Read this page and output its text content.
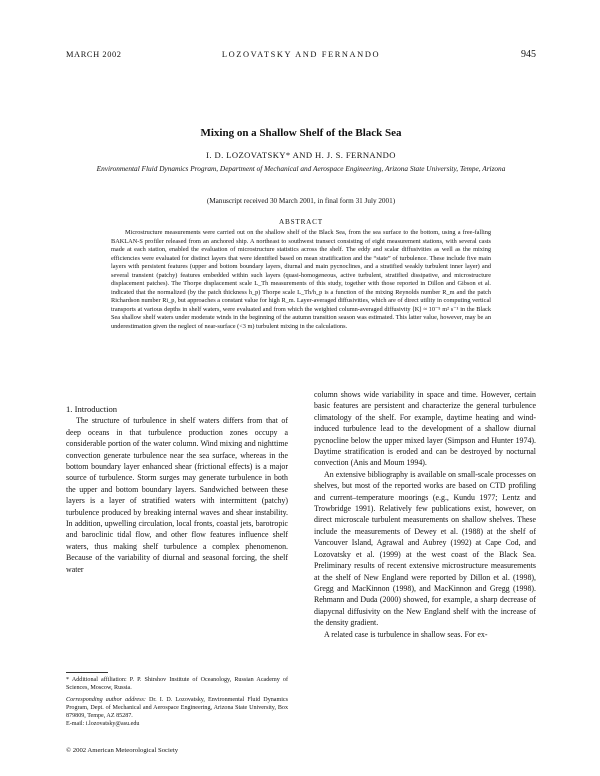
MARCH 2002	LOZOVATSKY AND FERNANDO	945
Mixing on a Shallow Shelf of the Black Sea
I. D. LOZOVATSKY* AND H. J. S. FERNANDO
Environmental Fluid Dynamics Program, Department of Mechanical and Aerospace Engineering, Arizona State University, Tempe, Arizona
(Manuscript received 30 March 2001, in final form 31 July 2001)
ABSTRACT

Microstructure measurements were carried out on the shallow shelf of the Black Sea, from the sea surface to the bottom, using a free-falling BAKLAN-S profiler released from an anchored ship. A northeast to southwest transect consisting of eight measurement stations, with several casts made at each station, enabled the evaluation of microstructure statistics across the shelf. The eddy and scalar diffusivities as well as the mixing efficiencies were evaluated for distinct layers that were identified based on mean stratification and the “state” of turbulence. These include five main layers with persistent features (upper and bottom boundary layers, diurnal and main pycnoclines, and a stratified weakly turbulent inner layer) and several transient (patchy) features embedded within such layers (quasi-homogeneous, active turbulent, stratified dissipative, and microstructure displacement patches). The Thorpe displacement scale L_Th measurements of this study, together with those reported in Dillon and Gibson et al. indicated that the normalized (by the patch thickness h_p) Thorpe scale L_Th/h_p is a function of the mixing Reynolds number R_m and the patch Richardson number Ri_p, but approaches a constant value for high R_m. Layer-averaged diffusivities, which are of direct utility in computing vertical transports at various depths in shelf waters, were evaluated and from which the weighted column-averaged diffusivity ⟨K⟩ ≈ 10⁻⁵ m² s⁻¹ in the Black Sea shallow shelf waters under moderate winds in the beginning of the autumn transition season was estimated. This latter value, however, may be an underestimation given the neglect of near-surface (<3 m) turbulent mixing in the calculations.

1. Introduction

The structure of turbulence in shelf waters differs from that of deep oceans in that turbulence production zones occupy a considerable portion of the water column. Wind mixing and nighttime convection generate turbulence near the sea surface, whereas in the bottom boundary layer enhanced shear (frictional effects) is a major source of turbulence. Storm surges may generate turbulence in both the upper and bottom boundary layers. Sandwiched between these layers is a layer of stratified waters with intermittent (patchy) turbulence produced by breaking internal waves and shear instability. In addition, upwelling circulation, local fronts, coastal jets, barotropic and baroclinic tidal flow, and other flow features influence shelf waters, thus making shelf turbulence a complex phenomenon. Because of the variability of diurnal and seasonal forcing, the shelf water

column shows wide variability in space and time. However, certain basic features are persistent and characterize the general turbulence climatology of the shelf. For example, daytime heating and wind-induced turbulence lead to the development of a shallow diurnal pycnocline below the upper mixed layer (Simpson and Hunter 1974). Daytime stratification is eroded and can be destroyed by nocturnal convection (Anis and Moum 1994).

An extensive bibliography is available on small-scale processes on shelves, but most of the reported works are based on CTD profiling and current–temperature moorings (e.g., Kundu 1977; Lentz and Trowbridge 1991). Relatively few publications exist, however, on direct microscale turbulent measurements on shallow shelves. These include the measurements of Dewey et al. (1988) at the shelf of Vancouver Island, Agrawal and Aubrey (1992) at Cape Cod, and Lozovatsky et al. (1999) at the west coast of the Black Sea. Preliminary results of recent extensive microstructure measurements at the shelf of New England were reported by Dillon et al. (1998), Gregg and MacKinnon (1998), and MacKinnon and Gregg (1998). Rehmann and Duda (2000) showed, for example, a sharp decrease of diapycnal diffusivity on the New England shelf with the increase of the density gradient.

A related case is turbulence in shallow seas. For ex-

* Additional affiliation: P. P. Shirshov Institute of Oceanology, Russian Academy of Sciences, Moscow, Russia.

Corresponding author address: Dr. I. D. Lozovatsky, Environmental Fluid Dynamics Program, Dept. of Mechanical and Aerospace Engineering, Arizona State University, Box 879809, Tempe, AZ 85287.

E-mail: i.lozovatsky@asu.edu

© 2002 American Meteorological Society
